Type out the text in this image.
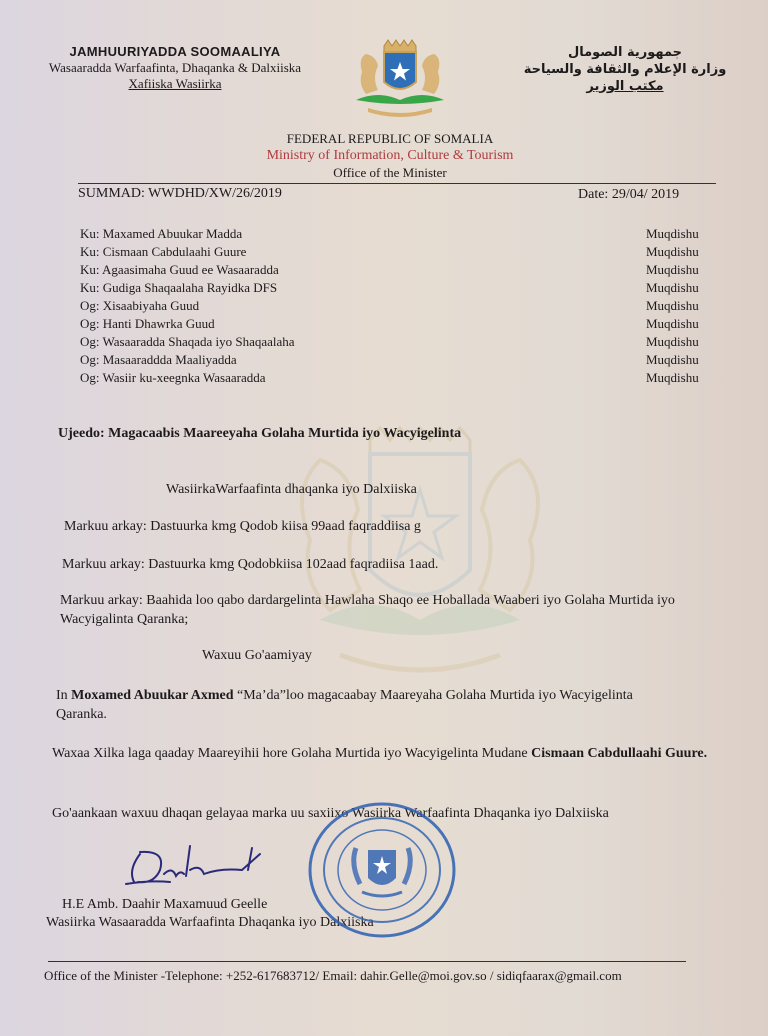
JAMHUURIYADDA SOOMAALIYA
Wasaaradda Warfaafinta, Dhaqanka & Dalxiiska
Xafiiska Wasiirka
جمهورية الصومال
وزارة الإعلام والثقافة والسياحة
مكتب الوزير
FEDERAL REPUBLIC OF SOMALIA
Ministry of Information, Culture & Tourism
Office of the Minister
SUMMAD: WWDHD/XW/26/2019	Date: 29/04/ 2019
Ku: Maxamed Abuukar Madda	Muqdishu
Ku: Cismaan Cabdulaahi Guure	Muqdishu
Ku: Agaasimaha Guud ee Wasaaradda	Muqdishu
Ku: Gudiga Shaqaalaha Rayidka DFS	Muqdishu
Og: Xisaabiyaha Guud	Muqdishu
Og: Hanti Dhawrka Guud	Muqdishu
Og: Wasaaradda Shaqada iyo Shaqaalaha	Muqdishu
Og: Masaaraddda Maaliyadda	Muqdishu
Og: Wasiir ku-xeegnka Wasaaradda	Muqdishu
Ujeedo: Magacaabis Maareeyaha Golaha Murtida iyo Wacyigelinta
WasiirkaWarfaafinta dhaqanka iyo Dalxiiska
Markuu arkay: Dastuurka kmg Qodob kiisa 99aad faqraddiisa g
Markuu arkay: Dastuurka kmg Qodobkiisa 102aad faqradiisa 1aad.
Markuu arkay: Baahida loo qabo dardargelinta Hawlaha Shaqo ee Hoballada Waaberi iyo Golaha Murtida iyo Wacyigalinta Qaranka;
Waxuu Go'aamiyay
In Moxamed Abuukar Axmed “Ma’da”loo magacaabay Maareyaha Golaha Murtida iyo Wacyigelinta Qaranka.
Waxaa Xilka laga qaaday Maareyihii hore Golaha Murtida iyo Wacyigelinta Mudane Cismaan Cabdullaahi Guure.
Go'aankaan waxuu dhaqan gelayaa marka uu saxiixo Wasiirka Warfaafinta Dhaqanka iyo Dalxiiska
H.E Amb. Daahir Maxamuud Geelle
Wasiirka Wasaaradda Warfaafinta Dhaqanka iyo Dalxiiska
Office of the Minister -Telephone: +252-617683712/ Email: dahir.Gelle@moi.gov.so / sidiqfaarax@gmail.com
